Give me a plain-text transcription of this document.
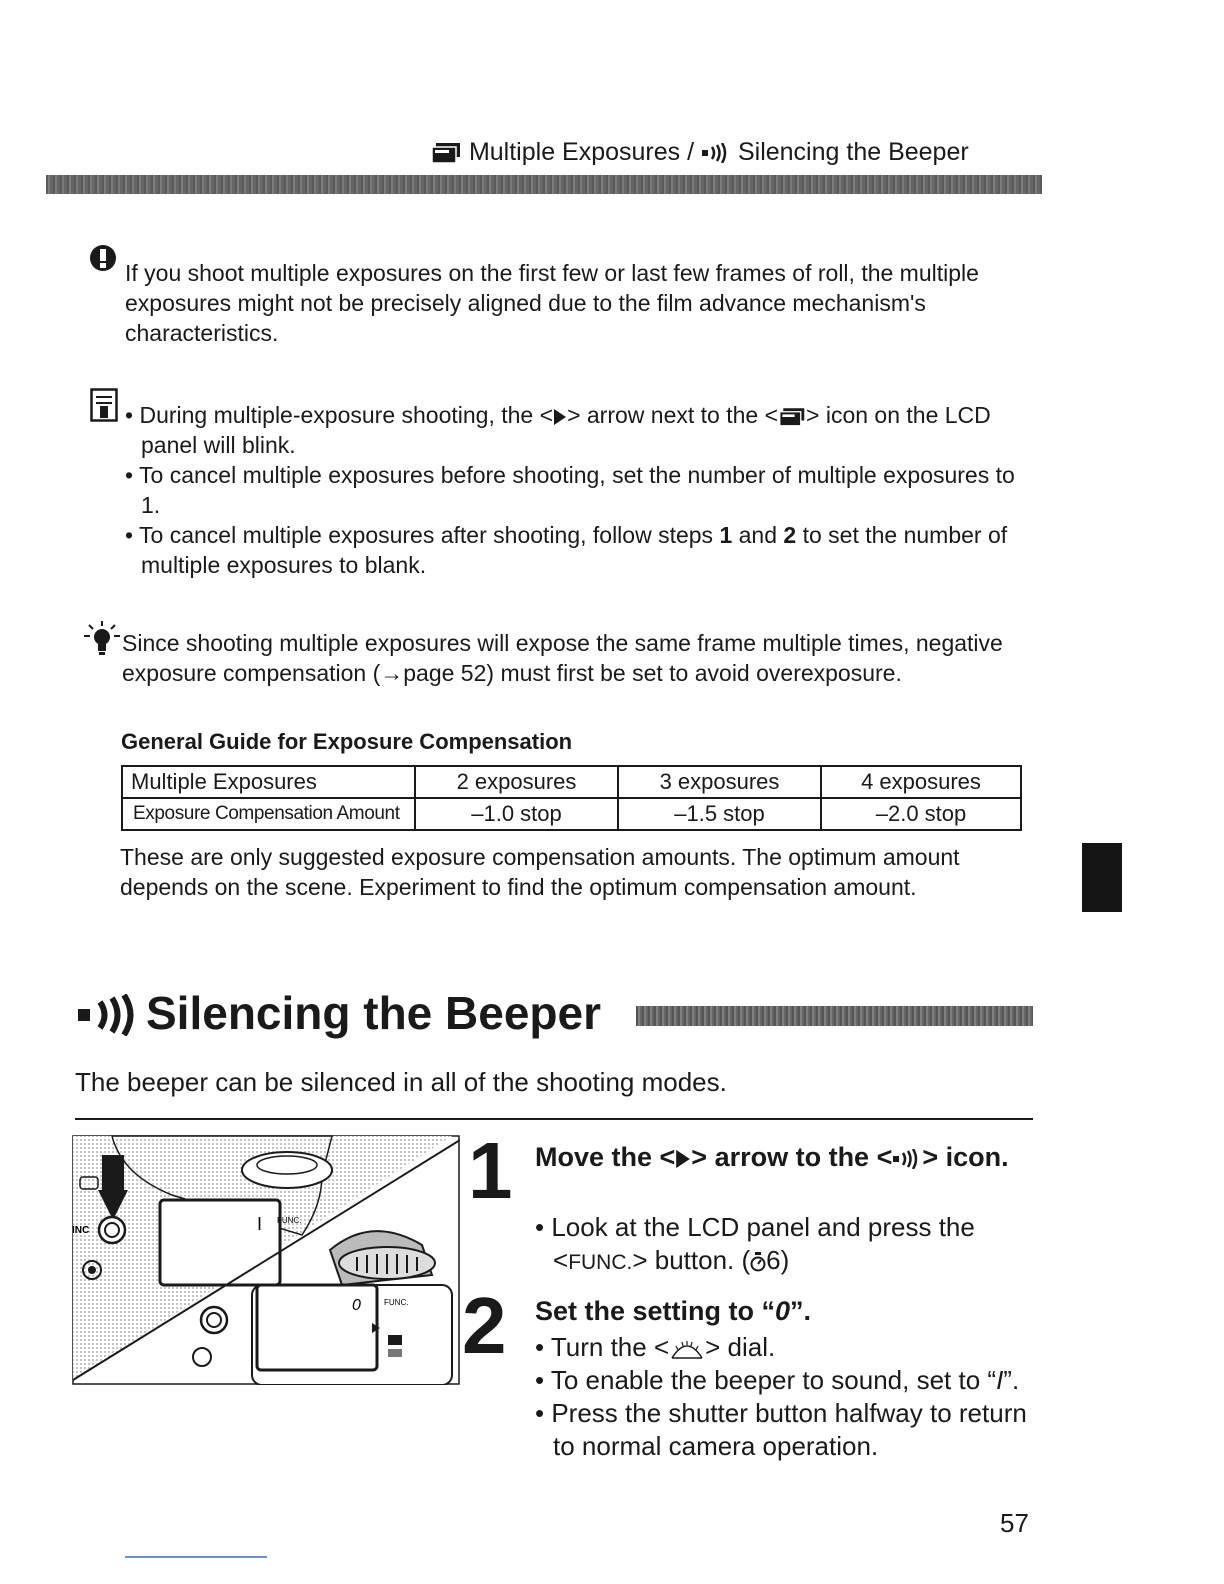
Multiple Exposures / Silencing the Beeper

If you shoot multiple exposures on the first few or last few frames of roll, the multiple exposures might not be precisely aligned due to the film advance mechanism's characteristics.

• During multiple-exposure shooting, the < > arrow next to the < > icon on the LCD panel will blink.

• To cancel multiple exposures before shooting, set the number of multiple exposures to 1.

• To cancel multiple exposures after shooting, follow steps 1 and 2 to set the number of multiple exposures to blank.

Since shooting multiple exposures will expose the same frame multiple times, negative exposure compensation (→page 52) must first be set to avoid overexposure.

General Guide for Exposure Compensation
Multiple Exposures	2 exposures	3 exposures	4 exposures
Exposure Compensation Amount	–1.0 stop	–1.5 stop	–2.0 stop

These are only suggested exposure compensation amounts. The optimum amount depends on the scene. Experiment to find the optimum compensation amount.

Silencing the Beeper
The beeper can be silenced in all of the shooting modes.
I FUNC.
INC
0	FUNC.
1 Move the < > arrow to the < > icon.

• Look at the LCD panel and press the <FUNC.> button. ( 6)

2 Set the setting to “0”.

• Turn the < > dial.

• To enable the beeper to sound, set to “I”.

• Press the shutter button halfway to return to normal camera operation.

57
